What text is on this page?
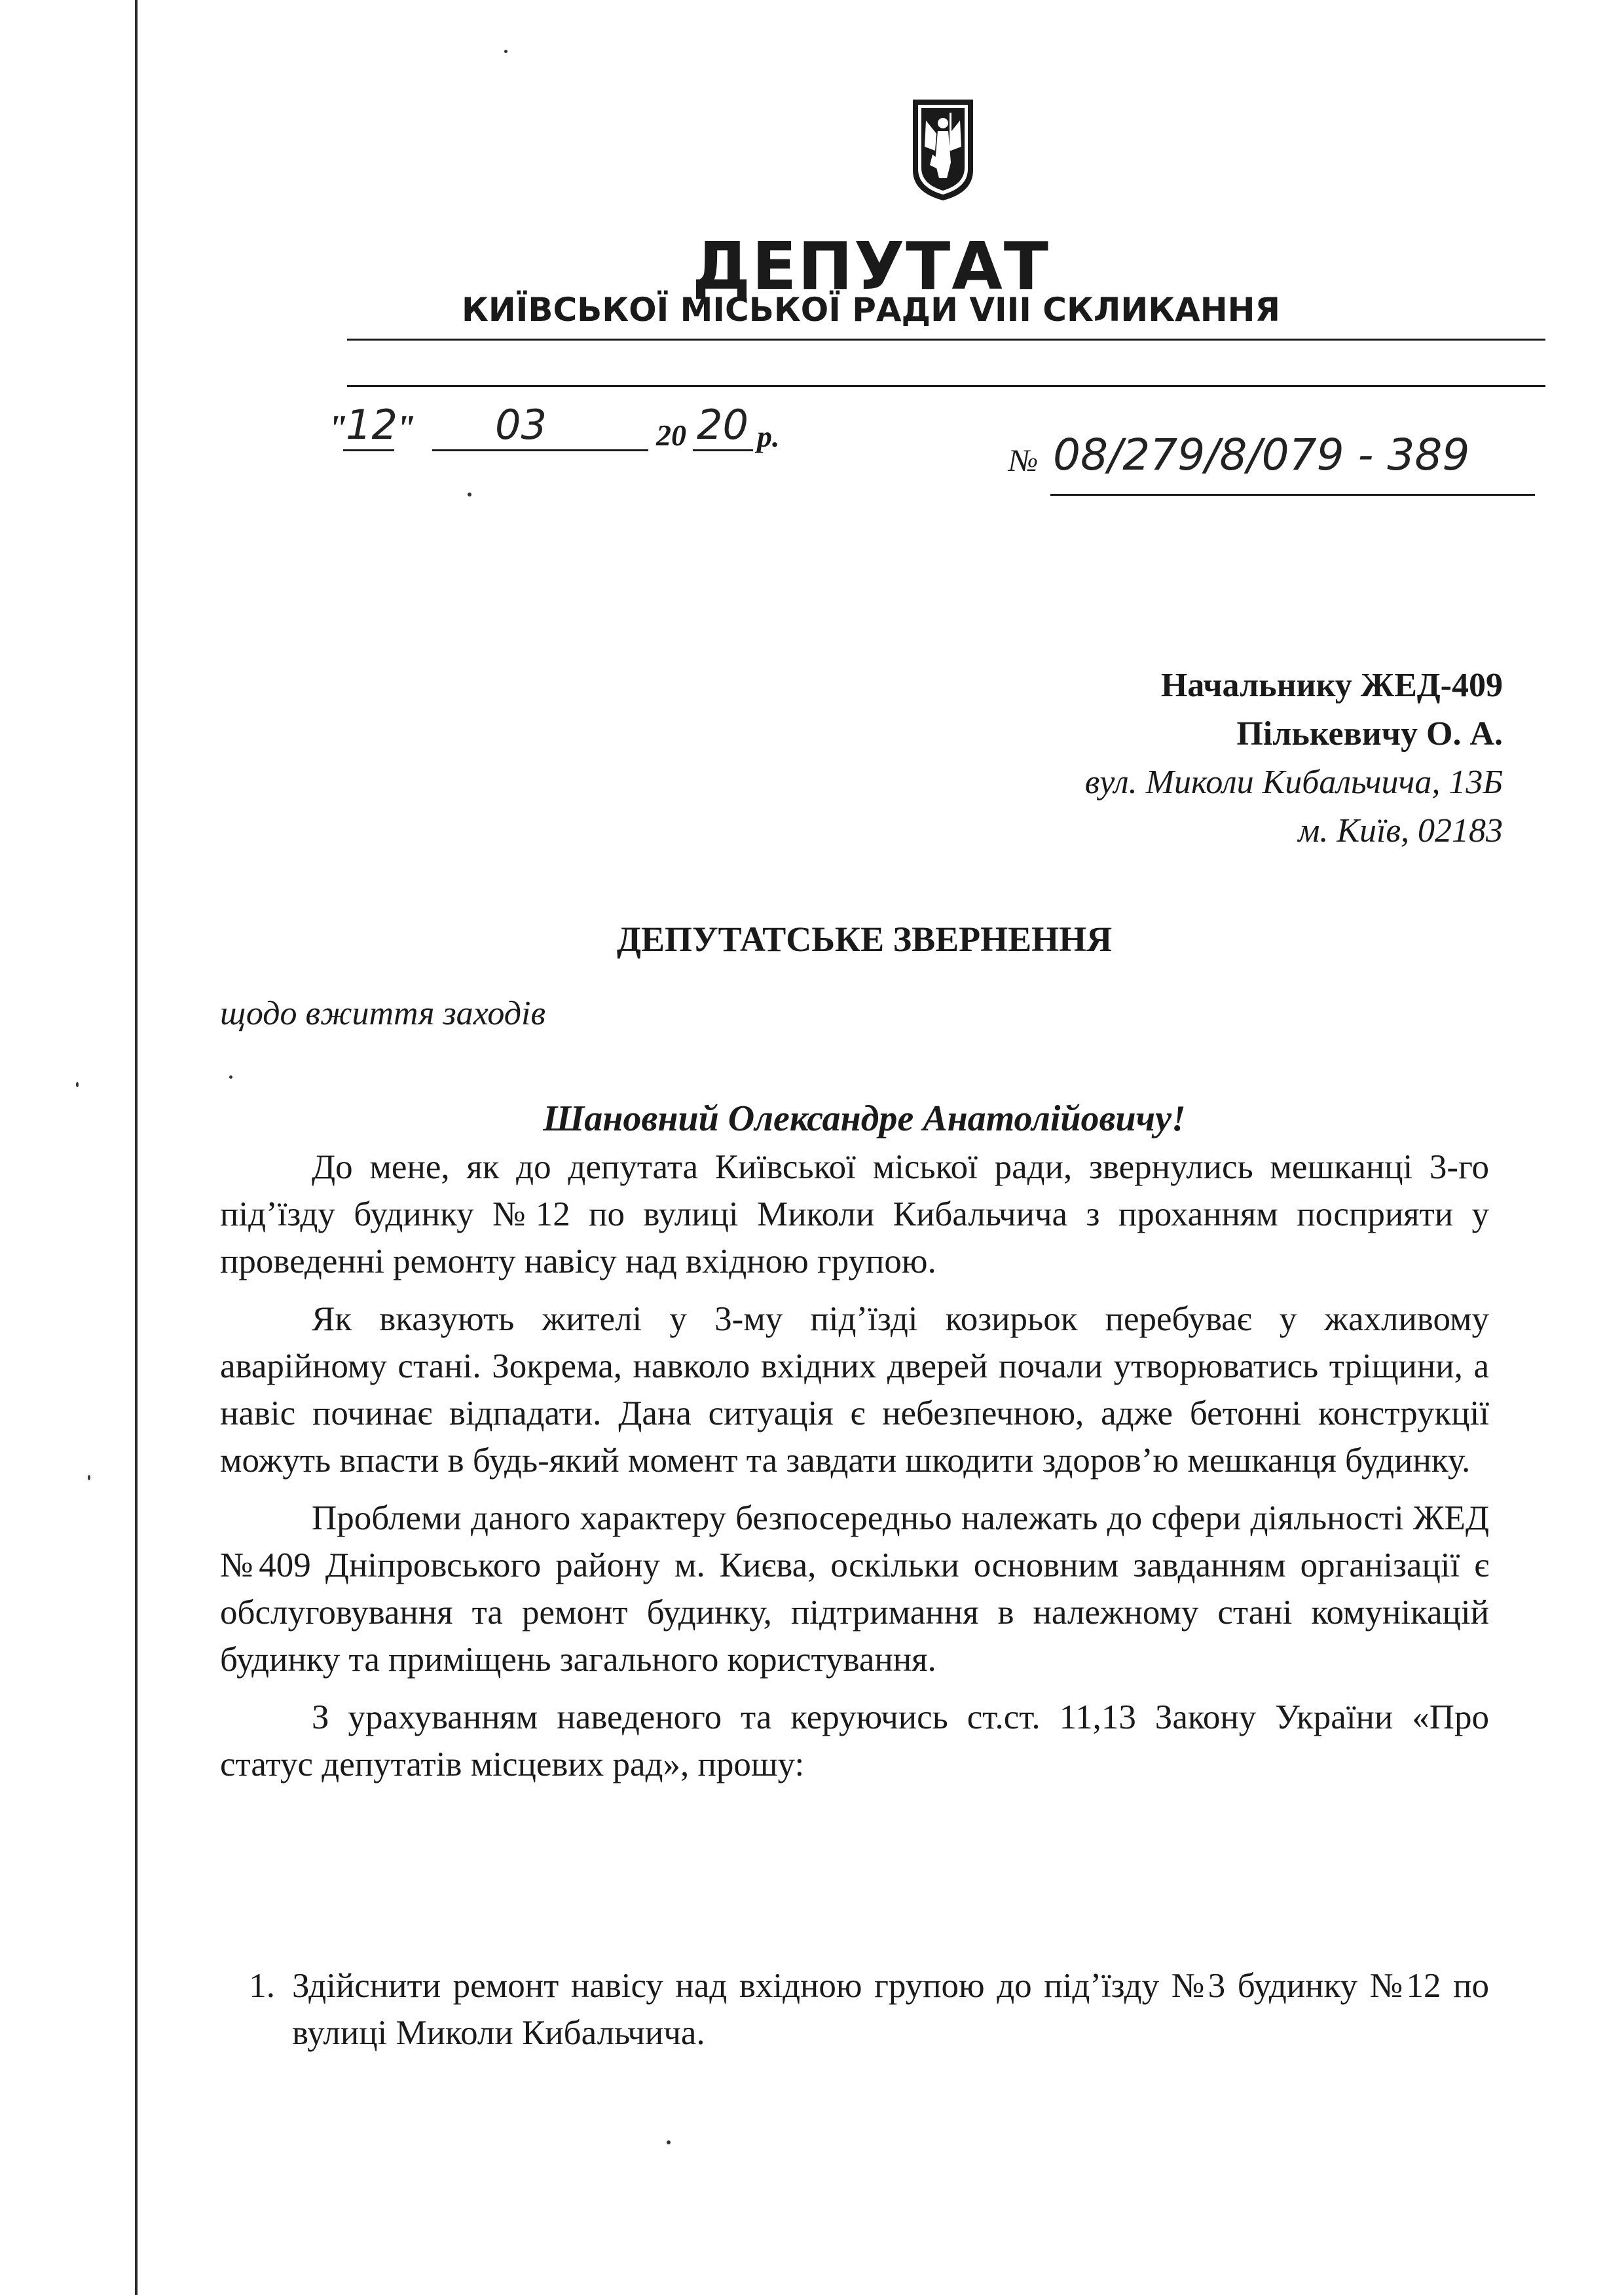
ДЕПУТАТ
КИЇВСЬКОЇ МІСЬКОЇ РАДИ VIII СКЛИКАННЯ
"
12
" 03	20 20 р.
№ 08/279/8/079 - 389
Начальнику ЖЕД-409
Пількевичу О. А.
вул. Миколи Кибальчича, 13Б
м. Київ, 02183
ДЕПУТАТСЬКЕ ЗВЕРНЕННЯ
щодо вжиття заходів
Шановний Олександре Анатолійовичу!

До мене, як до депутата Київської міської ради, звернулись мешканці 3-го під’їзду будинку №12 по вулиці Миколи Кибальчича з проханням посприяти у проведенні ремонту навісу над вхідною групою.

Як вказують жителі у 3-му під’їзді козирьок перебуває у жахливому аварійному стані. Зокрема, навколо вхідних дверей почали утворюватись тріщини, а навіс починає відпадати. Дана ситуація є небезпечною, адже бетонні конструкції можуть впасти в будь-який момент та завдати шкодити здоров’ю мешканця будинку.

Проблеми даного характеру безпосередньо належать до сфери діяльності ЖЕД №409 Дніпровського району м. Києва, оскільки основним завданням організації є обслуговування та ремонт будинку, підтримання в належному стані комунікацій будинку та приміщень загального користування.

З урахуванням наведеного та керуючись ст.ст. 11,13 Закону України «Про статус депутатів місцевих рад», прошу:

1. Здійснити ремонт навісу над вхідною групою до під’їзду №3 будинку №12 по вулиці Миколи Кибальчича.
